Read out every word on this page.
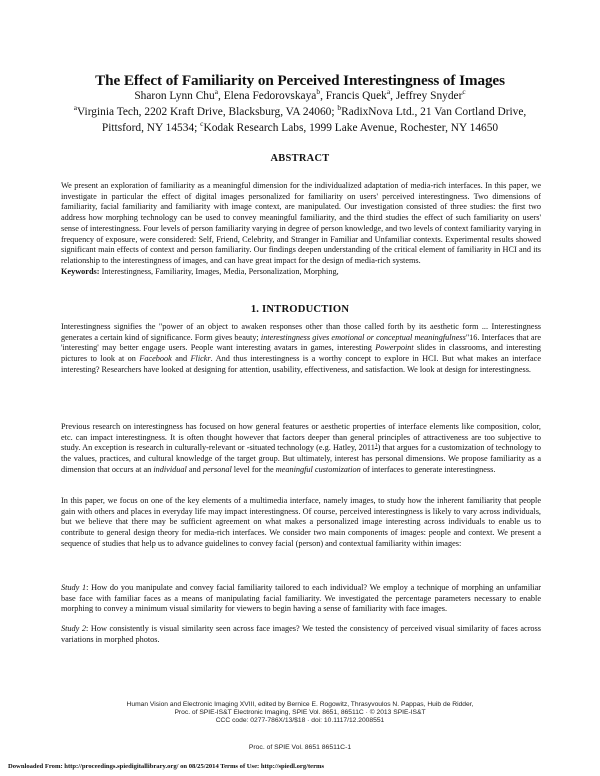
The Effect of Familiarity on Perceived Interestingness of Images
Sharon Lynn Chu$^a$, Elena Fedorovskaya$^b$, Francis Quek$^a$, Jeffrey Snyder$^c$
$^a$Virginia Tech, 2202 Kraft Drive, Blacksburg, VA 24060; $^b$RadixNova Ltd., 21 Van Cortland Drive,
Pittsford, NY 14534; $^c$Kodak Research Labs, 1999 Lake Avenue, Rochester, NY 14650
ABSTRACT
We present an exploration of familiarity as a meaningful dimension for the individualized adaptation of media-rich interfaces. In this paper, we investigate in particular the effect of digital images personalized for familiarity on users' perceived interestingness. Two dimensions of familiarity, facial familiarity and familiarity with image context, are manipulated. Our investigation consisted of three studies: the first two address how morphing technology can be used to convey meaningful familiarity, and the third studies the effect of such familiarity on users' sense of interestingness. Four levels of person familiarity varying in degree of person knowledge, and two levels of context familiarity varying in frequency of exposure, were considered: Self, Friend, Celebrity, and Stranger in Familiar and Unfamiliar contexts. Experimental results showed significant main effects of context and person familiarity. Our findings deepen understanding of the critical element of familiarity in HCI and its relationship to the interestingness of images, and can have great impact for the design of media-rich systems.
Keywords: Interestingness, Familiarity, Images, Media, Personalization, Morphing,
1. INTRODUCTION
Interestingness signifies the "power of an object to awaken responses other than those called forth by its aesthetic form ... Interestingness generates a certain kind of significance. Form gives beauty; interestingness gives emotional or conceptual meaningfulness"16. Interfaces that are 'interesting' may better engage users. People want interesting avatars in games, interesting Powerpoint slides in classrooms, and interesting pictures to look at on Facebook and Flickr. And thus interestingness is a worthy concept to explore in HCI. But what makes an interface interesting? Researchers have looked at designing for attention, usability, effectiveness, and satisfaction. We look at design for interestingness.
Previous research on interestingness has focused on how general features or aesthetic properties of interface elements like composition, color, etc. can impact interestingness. It is often thought however that factors deeper than general principles of attractiveness are too subjective to study. An exception is research in culturally-relevant or -situated technology (e.g. Hatley, 2011$^1$) that argues for a customization of technology to the values, practices, and cultural knowledge of the target group. But ultimately, interest has personal dimensions. We propose familiarity as a dimension that occurs at an individual and personal level for the meaningful customization of interfaces to generate interestingness.
In this paper, we focus on one of the key elements of a multimedia interface, namely images, to study how the inherent familiarity that people gain with others and places in everyday life may impact interestingness. Of course, perceived interestingness is likely to vary across individuals, but we believe that there may be sufficient agreement on what makes a personalized image interesting across individuals to enable us to contribute to general design theory for media-rich interfaces. We consider two main components of images: people and context. We present a sequence of studies that help us to advance guidelines to convey facial (person) and contextual familiarity within images:
Study 1: How do you manipulate and convey facial familiarity tailored to each individual? We employ a technique of morphing an unfamiliar base face with familiar faces as a means of manipulating facial familiarity. We investigated the percentage parameters necessary to enable morphing to convey a minimum visual similarity for viewers to begin having a sense of familiarity with face images.
Study 2: How consistently is visual similarity seen across face images? We tested the consistency of perceived visual similarity of faces across variations in morphed photos.
Human Vision and Electronic Imaging XVIII, edited by Bernice E. Rogowitz, Thrasyvoulos N. Pappas, Huib de Ridder,
Proc. of SPIE-IS&T Electronic Imaging, SPIE Vol. 8651, 86511C · © 2013 SPIE-IS&T
CCC code: 0277-786X/13/$18 · doi: 10.1117/12.2008551
Proc. of SPIE Vol. 8651 86511C-1
Downloaded From: http://proceedings.spiedigitallibrary.org/ on 08/25/2014 Terms of Use: http://spiedl.org/terms
